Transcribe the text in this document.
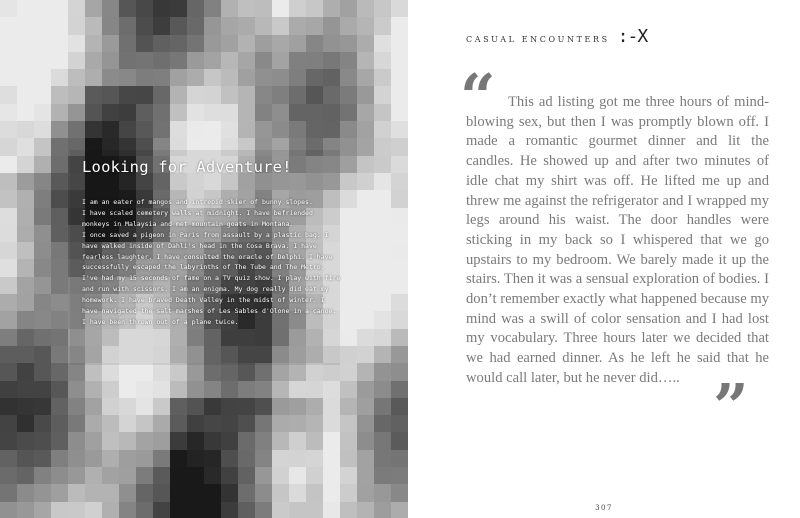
Looking for Adventure!

I am an eater of mangos and intrepid skier of bunny slopes.

I have scaled cemetery walls at midnight. I have befriended monkeys in Malaysia and met mountain goats in Montana.

I once saved a pigeon in Paris from assault by a plastic bag. I have walked inside of Dahli's head in the Cosa Brava. I have fearless laughter. I have consulted the oracle of Delphi. I have successfully escaped the labyrinths of The Tube and The Metro. I've had my 15 seconds of fame on a TV quiz show. I play with fire and run with scissors. I am an enigma. My dog really did eat my homework. I have braved Death Valley in the midst of winter. I have navigated the salt marshes of Les Sables d'Olone in a canoe. I have been thrown out of a plane twice.

CASUAL ENCOUNTERS :-X
“ This ad listing got me three hours of mind-blowing sex, but then I was promptly blown off. I made a romantic gourmet dinner and lit the candles. He showed up and after two minutes of idle chat my shirt was off. He lifted me up and threw me against the refrigerator and I wrapped my legs around his waist. The door handles were sticking in my back so I whispered that we go upstairs to my bedroom. We barely made it up the stairs. Then it was a sensual exploration of bodies. I don’t remember exactly what happened because my mind was a swill of color sensation and I had lost my vocabulary. Three hours later we decided that we had earned dinner. As he left he said that he would call later, but he never did….. ”
307
